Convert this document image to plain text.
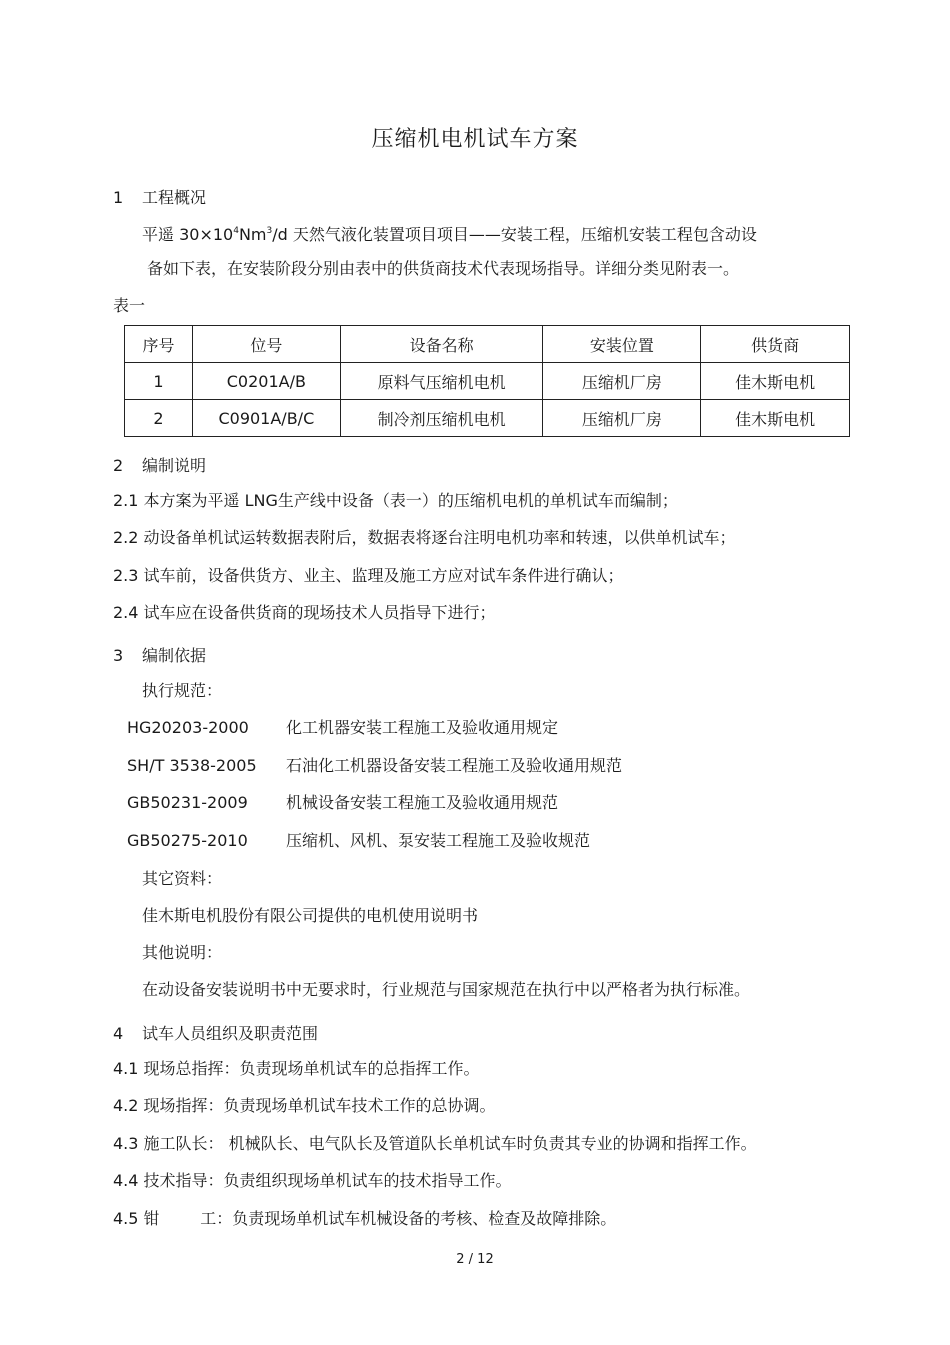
压缩机电机试车方案
1 工程概况
平遥 $30\times 10^4Nm^3/d$ 天然气液化装置项目项目——安装工程，压缩机安装工程包含动设
备如下表，在安装阶段分别由表中的供货商技术代表现场指导。详细分类见附表一。
表一
序号	位号	设备名称	安装位置	供货商
1	C0201A/B	原料气压缩机电机	压缩机厂房	佳木斯电机
2	C0901A/B/C	制冷剂压缩机电机	压缩机厂房	佳木斯电机
2 编制说明
2.1 本方案为平遥 LNG生产线中设备（表一）的压缩机电机的单机试车而编制；
2.2 动设备单机试运转数据表附后，数据表将逐台注明电机功率和转速，以供单机试车；
2.3 试车前，设备供货方、业主、监理及施工方应对试车条件进行确认；
2.4 试车应在设备供货商的现场技术人员指导下进行；
3 编制依据
执行规范：
HG20203-2000 化工机器安装工程施工及验收通用规定
SH/T 3538-2005 石油化工机器设备安装工程施工及验收通用规范
GB50231-2009 机械设备安装工程施工及验收通用规范
GB50275-2010 压缩机、风机、泵安装工程施工及验收规范
其它资料：
佳木斯电机股份有限公司提供的电机使用说明书
其他说明：
在动设备安装说明书中无要求时，行业规范与国家规范在执行中以严格者为执行标准。
4 试车人员组织及职责范围
4.1 现场总指挥：负责现场单机试车的总指挥工作。
4.2 现场指挥：负责现场单机试车技术工作的总协调。
4.3 施工队长： 机械队长、电气队长及管道队长单机试车时负责其专业的协调和指挥工作。
4.4 技术指导：负责组织现场单机试车的技术指导工作。
4.5 钳        工：负责现场单机试车机械设备的考核、检查及故障排除。
2 / 12
